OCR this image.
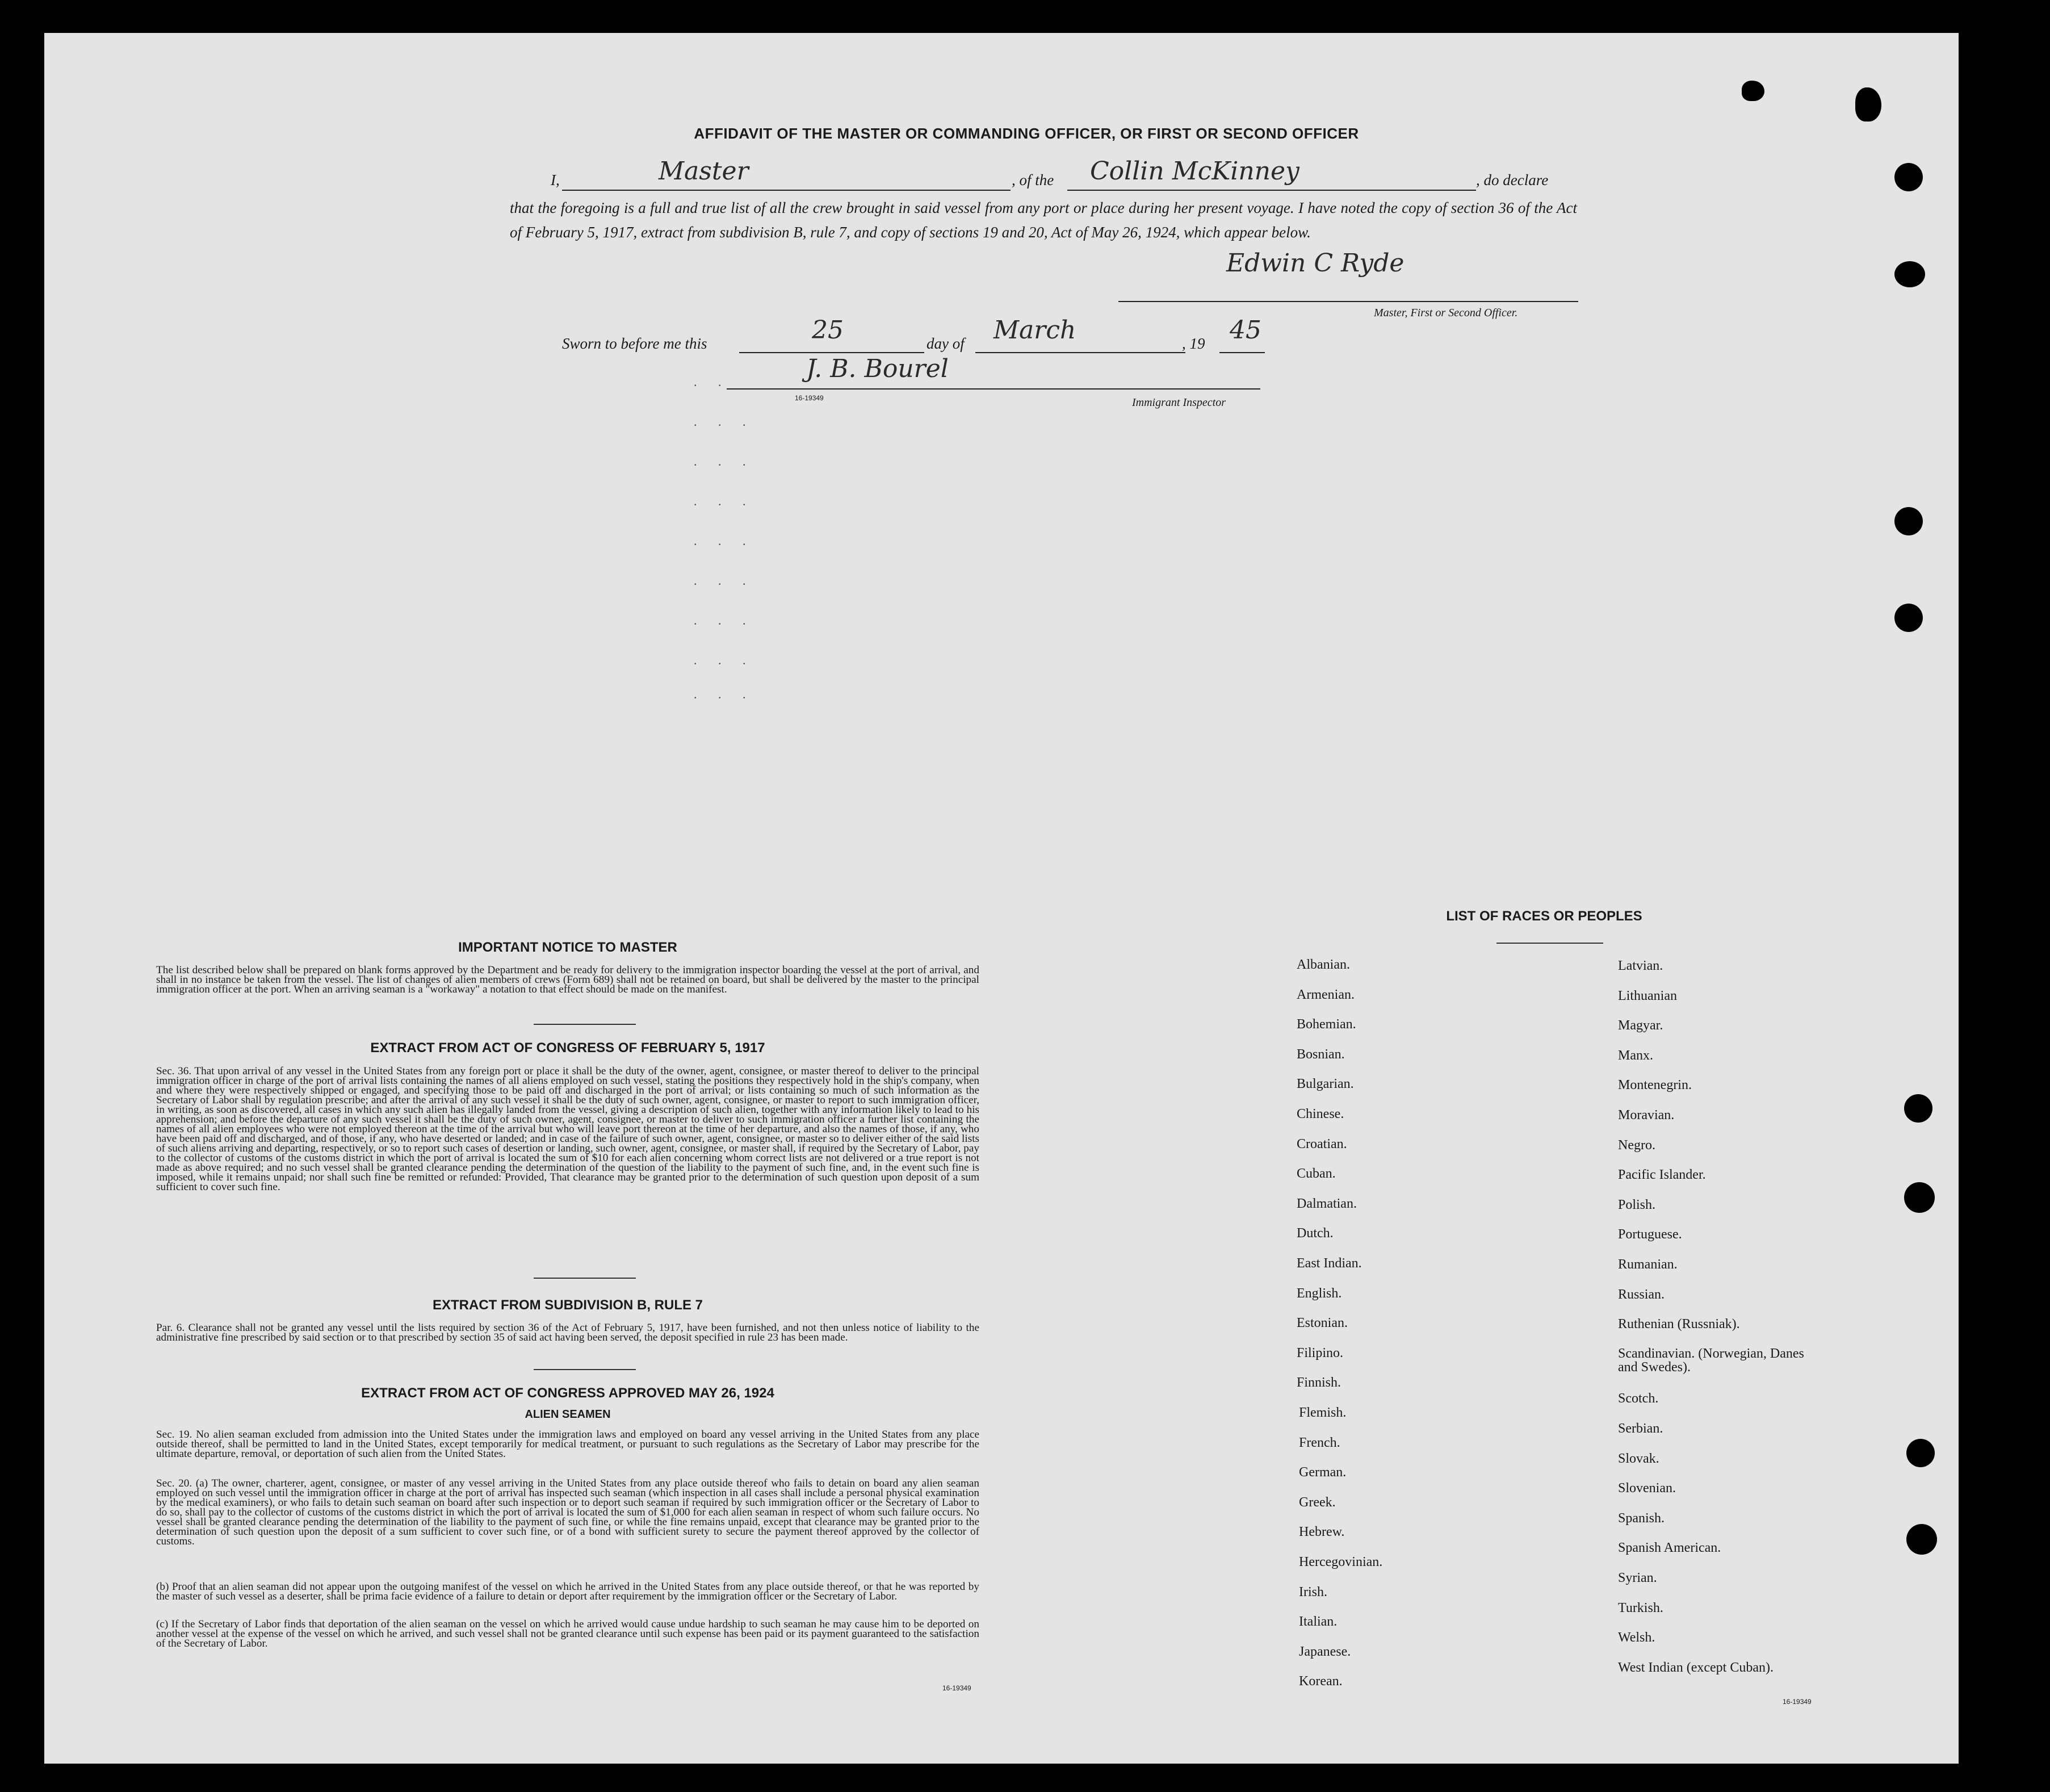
AFFIDAVIT OF THE MASTER OR COMMANDING OFFICER, OR FIRST OR SECOND OFFICER
I,	Master	, of the Collin McKinney	, do declare
that the foregoing is a full and true list of all the crew brought in said vessel from any port or place during her present voyage. I have noted the copy of section 36 of the Act of February 5, 1917, extract from subdivision B, rule 7, and copy of sections 19 and 20, Act of May 26, 1924, which appear below.
Edwin C Ryde
Master, First or Second Officer.
Sworn to before me this	25	day of March	, 19 45
J. B. Bourel
16-19349	Immigrant Inspector
. .
. . .
. . .
. . .
. . .
. . .
. . .
. . .
. . .
IMPORTANT NOTICE TO MASTER
The list described below shall be prepared on blank forms approved by the Department and be ready for delivery to the immigration inspector boarding the vessel at the port of arrival, and shall in no instance be taken from the vessel. The list of changes of alien members of crews (Form 689) shall not be retained on board, but shall be delivered by the master to the principal immigration officer at the port. When an arriving seaman is a "workaway" a notation to that effect should be made on the manifest.
EXTRACT FROM ACT OF CONGRESS OF FEBRUARY 5, 1917
Sec. 36. That upon arrival of any vessel in the United States from any foreign port or place it shall be the duty of the owner, agent, consignee, or master thereof to deliver to the principal immigration officer in charge of the port of arrival lists containing the names of all aliens employed on such vessel, stating the positions they respectively hold in the ship's company, when and where they were respectively shipped or engaged, and specifying those to be paid off and discharged in the port of arrival; or lists containing so much of such information as the Secretary of Labor shall by regulation prescribe; and after the arrival of any such vessel it shall be the duty of such owner, agent, consignee, or master to report to such immigration officer, in writing, as soon as discovered, all cases in which any such alien has illegally landed from the vessel, giving a description of such alien, together with any information likely to lead to his apprehension; and before the departure of any such vessel it shall be the duty of such owner, agent, consignee, or master to deliver to such immigration officer a further list containing the names of all alien employees who were not employed thereon at the time of the arrival but who will leave port thereon at the time of her departure, and also the names of those, if any, who have been paid off and discharged, and of those, if any, who have deserted or landed; and in case of the failure of such owner, agent, consignee, or master so to deliver either of the said lists of such aliens arriving and departing, respectively, or so to report such cases of desertion or landing, such owner, agent, consignee, or master shall, if required by the Secretary of Labor, pay to the collector of customs of the customs district in which the port of arrival is located the sum of $10 for each alien concerning whom correct lists are not delivered or a true report is not made as above required; and no such vessel shall be granted clearance pending the determination of the question of the liability to the payment of such fine, and, in the event such fine is imposed, while it remains unpaid; nor shall such fine be remitted or refunded: Provided, That clearance may be granted prior to the determination of such question upon deposit of a sum sufficient to cover such fine.
EXTRACT FROM SUBDIVISION B, RULE 7
Par. 6. Clearance shall not be granted any vessel until the lists required by section 36 of the Act of February 5, 1917, have been furnished, and not then unless notice of liability to the administrative fine prescribed by said section or to that prescribed by section 35 of said act having been served, the deposit specified in rule 23 has been made.
EXTRACT FROM ACT OF CONGRESS APPROVED MAY 26, 1924
ALIEN SEAMEN
Sec. 19. No alien seaman excluded from admission into the United States under the immigration laws and employed on board any vessel arriving in the United States from any place outside thereof, shall be permitted to land in the United States, except temporarily for medical treatment, or pursuant to such regulations as the Secretary of Labor may prescribe for the ultimate departure, removal, or deportation of such alien from the United States.
Sec. 20. (a) The owner, charterer, agent, consignee, or master of any vessel arriving in the United States from any place outside thereof who fails to detain on board any alien seaman employed on such vessel until the immigration officer in charge at the port of arrival has inspected such seaman (which inspection in all cases shall include a personal physical examination by the medical examiners), or who fails to detain such seaman on board after such inspection or to deport such seaman if required by such immigration officer or the Secretary of Labor to do so, shall pay to the collector of customs of the customs district in which the port of arrival is located the sum of $1,000 for each alien seaman in respect of whom such failure occurs. No vessel shall be granted clearance pending the determination of the liability to the payment of such fine, or while the fine remains unpaid, except that clearance may be granted prior to the determination of such question upon the deposit of a sum sufficient to cover such fine, or of a bond with sufficient surety to secure the payment thereof approved by the collector of customs.
(b) Proof that an alien seaman did not appear upon the outgoing manifest of the vessel on which he arrived in the United States from any place outside thereof, or that he was reported by the master of such vessel as a deserter, shall be prima facie evidence of a failure to detain or deport after requirement by the immigration officer or the Secretary of Labor.
(c) If the Secretary of Labor finds that deportation of the alien seaman on the vessel on which he arrived would cause undue hardship to such seaman he may cause him to be deported on another vessel at the expense of the vessel on which he arrived, and such vessel shall not be granted clearance until such expense has been paid or its payment guaranteed to the satisfaction of the Secretary of Labor.
16-19349
LIST OF RACES OR PEOPLES
Albanian.
Armenian.
Bohemian.
Bosnian.
Bulgarian.
Chinese.
Croatian.
Cuban.
Dalmatian.
Dutch.
East Indian.
English.
Estonian.
Filipino.
Finnish.
Flemish.
French.
German.
Greek.
Hebrew.
Hercegovinian.
Irish.
Italian.
Japanese.
Korean.
Latvian.
Lithuanian
Magyar.
Manx.
Montenegrin.
Moravian.
Negro.
Pacific Islander.
Polish.
Portuguese.
Rumanian.
Russian.
Ruthenian (Russniak).
Scandinavian. (Norwegian, Danes and Swedes).
Scotch.
Serbian.
Slovak.
Slovenian.
Spanish.
Spanish American.
Syrian.
Turkish.
Welsh.
West Indian (except Cuban).
16-19349
